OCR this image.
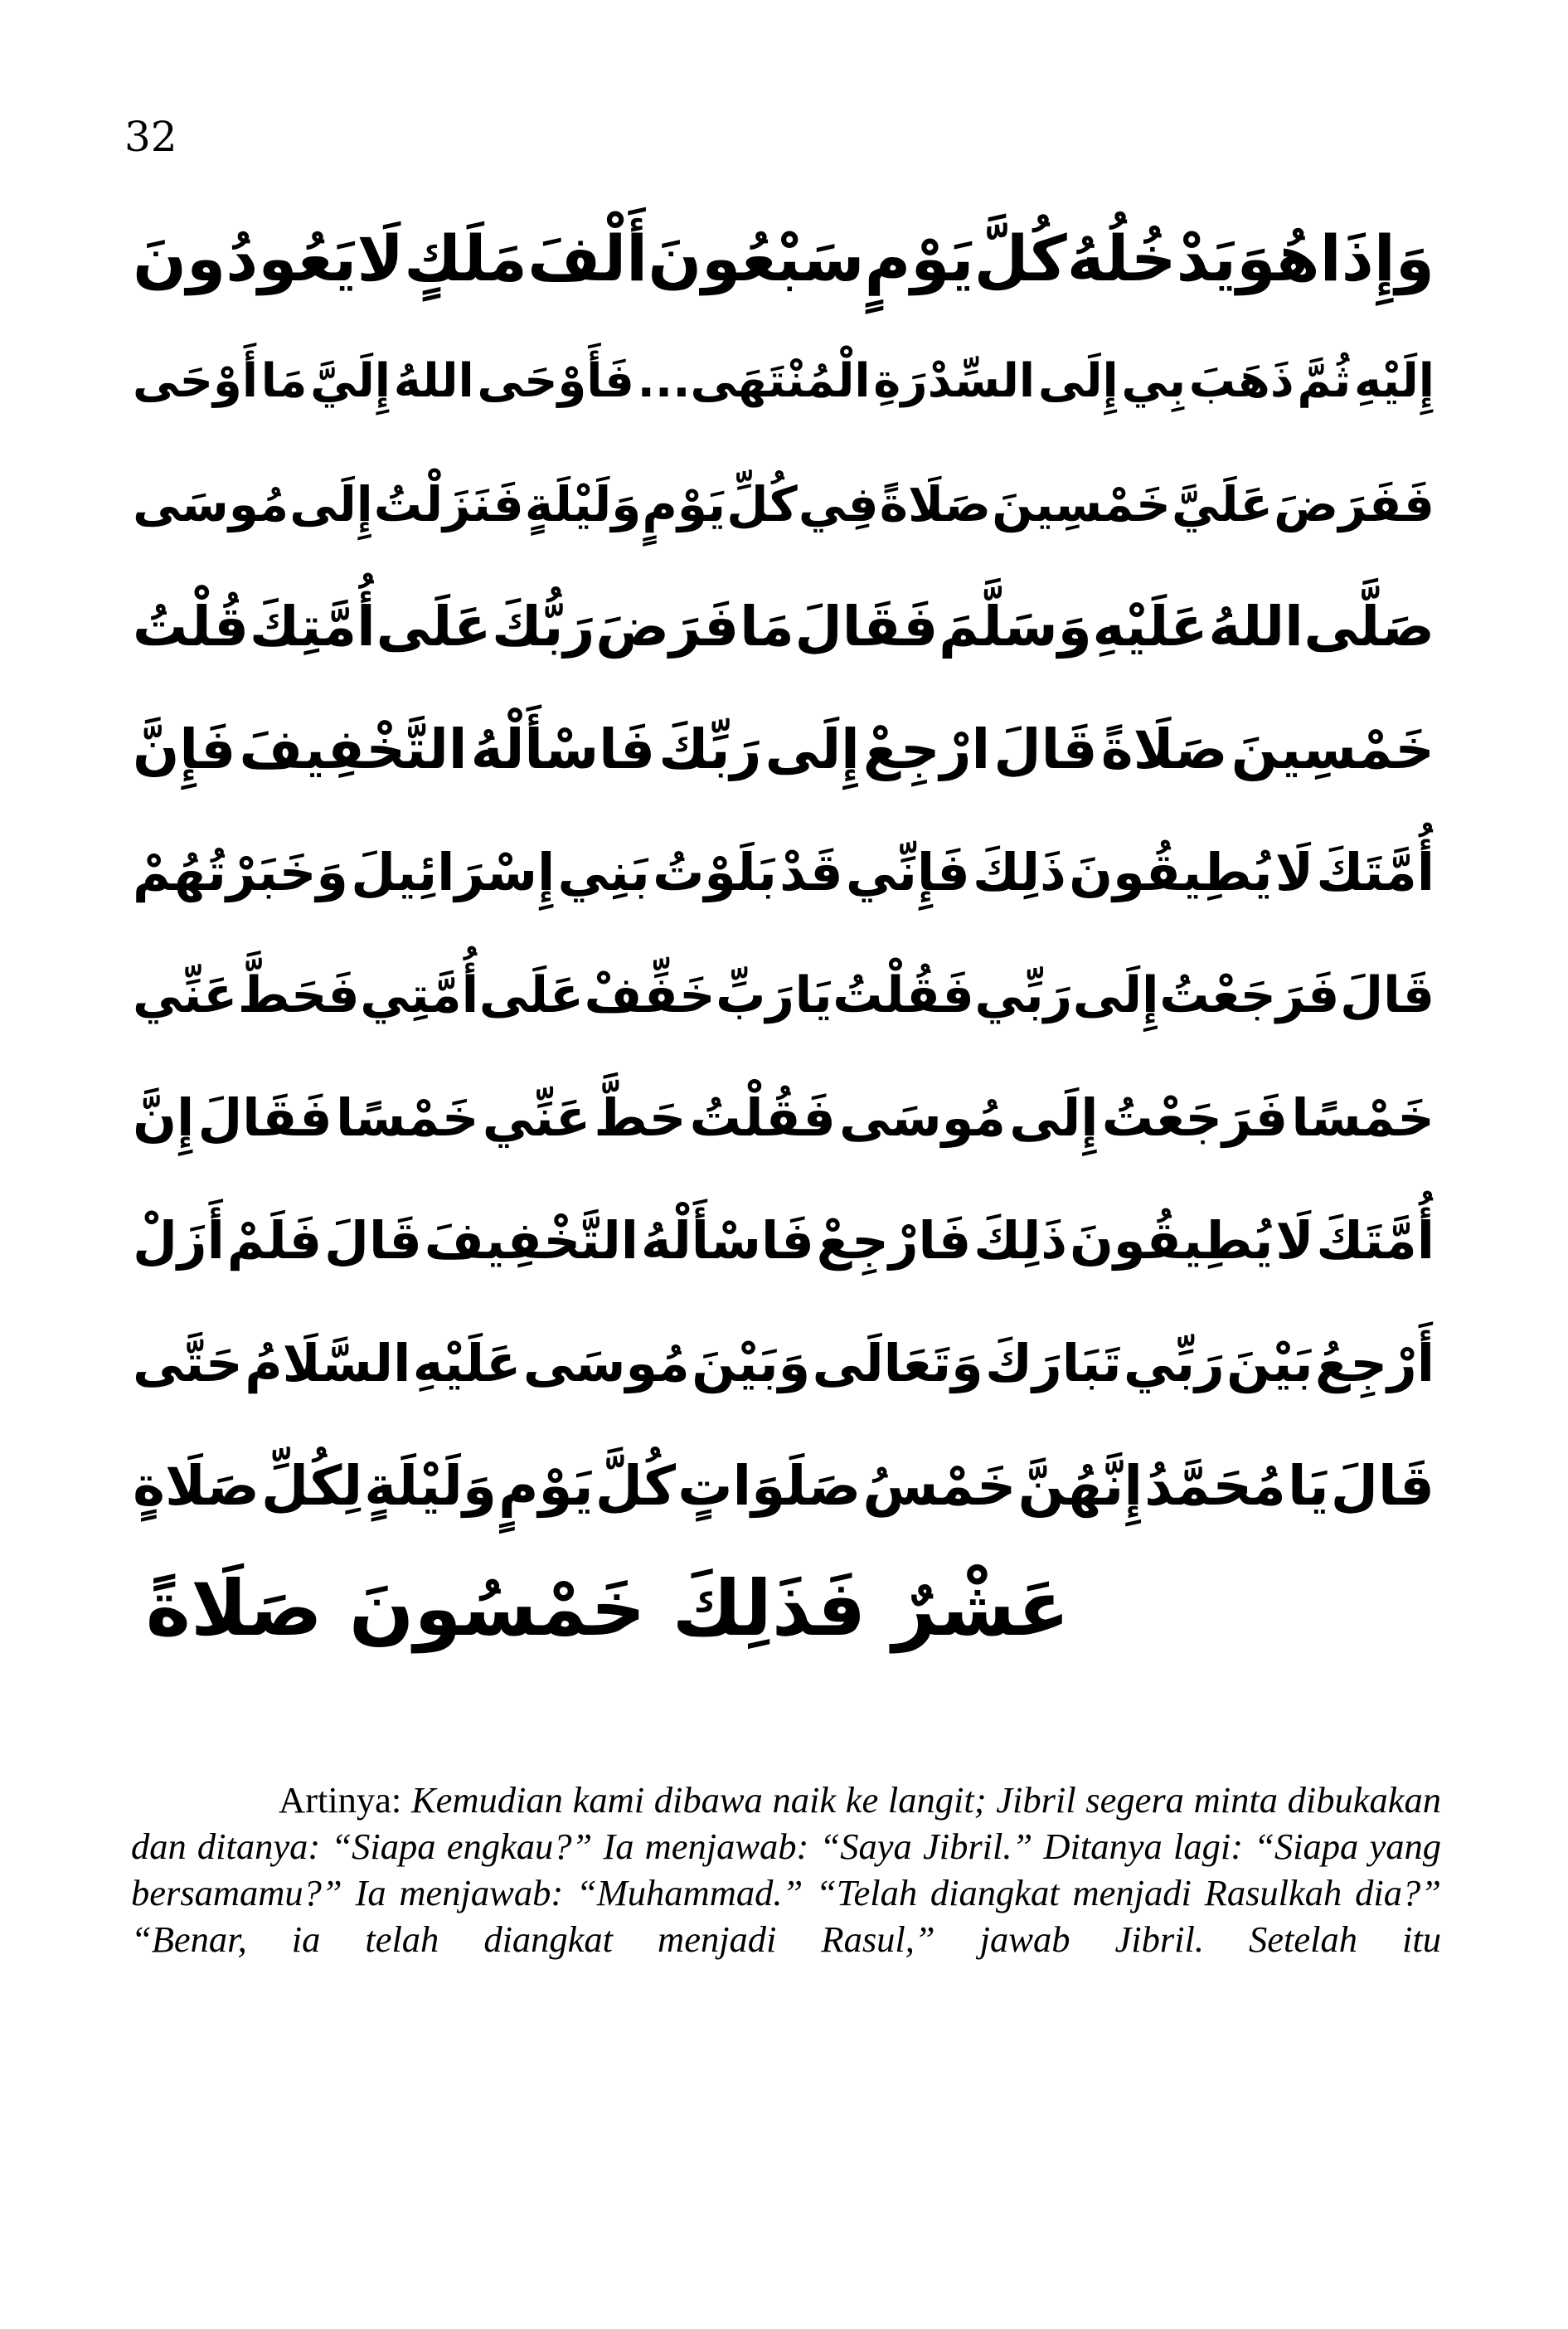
32
وَإِذَا
هُوَ
يَدْخُلُهُ
كُلَّ
يَوْمٍ
سَبْعُونَ
أَلْفَ
مَلَكٍ
لَا
يَعُودُونَ
إِلَيْهِ
ثُمَّ
ذَهَبَ
بِي
إِلَى
السِّدْرَةِ
الْمُنْتَهَى...
فَأَوْحَى
اللهُ
إِلَيَّ
مَا
أَوْحَى
فَفَرَضَ
عَلَيَّ
خَمْسِينَ
صَلَاةً
فِي
كُلِّ
يَوْمٍ
وَلَيْلَةٍ
فَنَزَلْتُ
إِلَى
مُوسَى
صَلَّى
اللهُ
عَلَيْهِ
وَسَلَّمَ
فَقَالَ
مَا
فَرَضَ
رَبُّكَ
عَلَى
أُمَّتِكَ
قُلْتُ
خَمْسِينَ
صَلَاةً
قَالَ
ارْجِعْ
إِلَى
رَبِّكَ
فَاسْأَلْهُ
التَّخْفِيفَ
فَإِنَّ
أُمَّتَكَ
لَا
يُطِيقُونَ
ذَلِكَ
فَإِنِّي
قَدْ
بَلَوْتُ
بَنِي
إِسْرَائِيلَ
وَخَبَرْتُهُمْ
قَالَ
فَرَجَعْتُ
إِلَى
رَبِّي
فَقُلْتُ
يَا
رَبِّ
خَفِّفْ
عَلَى
أُمَّتِي
فَحَطَّ
عَنِّي
خَمْسًا
فَرَجَعْتُ
إِلَى
مُوسَى
فَقُلْتُ
حَطَّ
عَنِّي
خَمْسًا
فَقَالَ
إِنَّ
أُمَّتَكَ
لَا
يُطِيقُونَ
ذَلِكَ
فَارْجِعْ
فَاسْأَلْهُ
التَّخْفِيفَ
قَالَ
فَلَمْ
أَزَلْ
أَرْجِعُ
بَيْنَ
رَبِّي
تَبَارَكَ
وَتَعَالَى
وَبَيْنَ
مُوسَى
عَلَيْهِ
السَّلَامُ
حَتَّى
قَالَ
يَا
مُحَمَّدُ
إِنَّهُنَّ
خَمْسُ
صَلَوَاتٍ
كُلَّ
يَوْمٍ
وَلَيْلَةٍ
لِكُلِّ
صَلَاةٍ
عَشْرٌ فَذَلِكَ خَمْسُونَ صَلَاةً

Artinya: Kemudian kami dibawa naik ke langit; Jibril segera minta dibukakan dan ditanya: “Siapa engkau?” Ia menjawab: “Saya Jibril.” Ditanya lagi: “Siapa yang bersamamu?” Ia menjawab: “Muhammad.” “Telah diangkat menjadi Rasulkah dia?” “Benar, ia telah diangkat menjadi Rasul,” jawab Jibril. Setelah itu
